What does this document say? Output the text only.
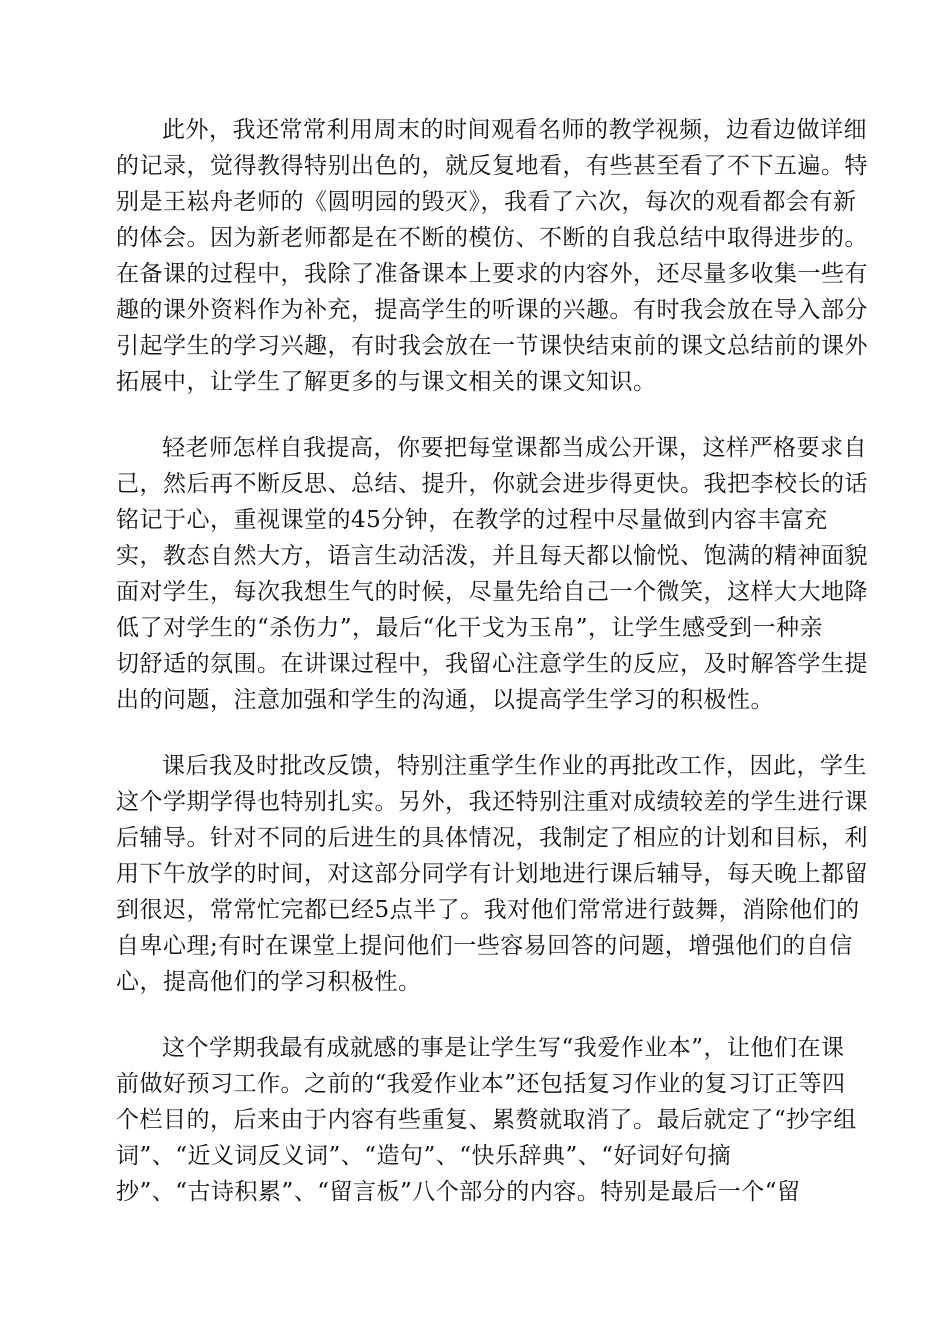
此外，我还常常利用周末的时间观看名师的教学视频，边看边做详细
的记录，觉得教得特别出色的，就反复地看，有些甚至看了不下五遍。特
别是王崧舟老师的《圆明园的毁灭》，我看了六次，每次的观看都会有新
的体会。因为新老师都是在不断的模仿、不断的自我总结中取得进步的。
在备课的过程中，我除了准备课本上要求的内容外，还尽量多收集一些有
趣的课外资料作为补充，提高学生的听课的兴趣。有时我会放在导入部分
引起学生的学习兴趣，有时我会放在一节课快结束前的课文总结前的课外
拓展中，让学生了解更多的与课文相关的课文知识。
轻老师怎样自我提高，你要把每堂课都当成公开课，这样严格要求自
己，然后再不断反思、总结、提升，你就会进步得更快。我把李校长的话
铭记于心，重视课堂的45分钟，在教学的过程中尽量做到内容丰富充
实，教态自然大方，语言生动活泼，并且每天都以愉悦、饱满的精神面貌
面对学生，每次我想生气的时候，尽量先给自己一个微笑，这样大大地降
低了对学生的“杀伤力”，最后“化干戈为玉帛”，让学生感受到一种亲
切舒适的氛围。在讲课过程中，我留心注意学生的反应，及时解答学生提
出的问题，注意加强和学生的沟通，以提高学生学习的积极性。
课后我及时批改反馈，特别注重学生作业的再批改工作，因此，学生
这个学期学得也特别扎实。另外，我还特别注重对成绩较差的学生进行课
后辅导。针对不同的后进生的具体情况，我制定了相应的计划和目标，利
用下午放学的时间，对这部分同学有计划地进行课后辅导，每天晚上都留
到很迟，常常忙完都已经5点半了。我对他们常常进行鼓舞，消除他们的
自卑心理;有时在课堂上提问他们一些容易回答的问题，增强他们的自信
心，提高他们的学习积极性。
这个学期我最有成就感的事是让学生写“我爱作业本”，让他们在课
前做好预习工作。之前的“我爱作业本”还包括复习作业的复习订正等四
个栏目的，后来由于内容有些重复、累赘就取消了。最后就定了“抄字组
词”、“近义词反义词”、“造句”、“快乐辞典”、“好词好句摘
抄”、“古诗积累”、“留言板”八个部分的内容。特别是最后一个“留
